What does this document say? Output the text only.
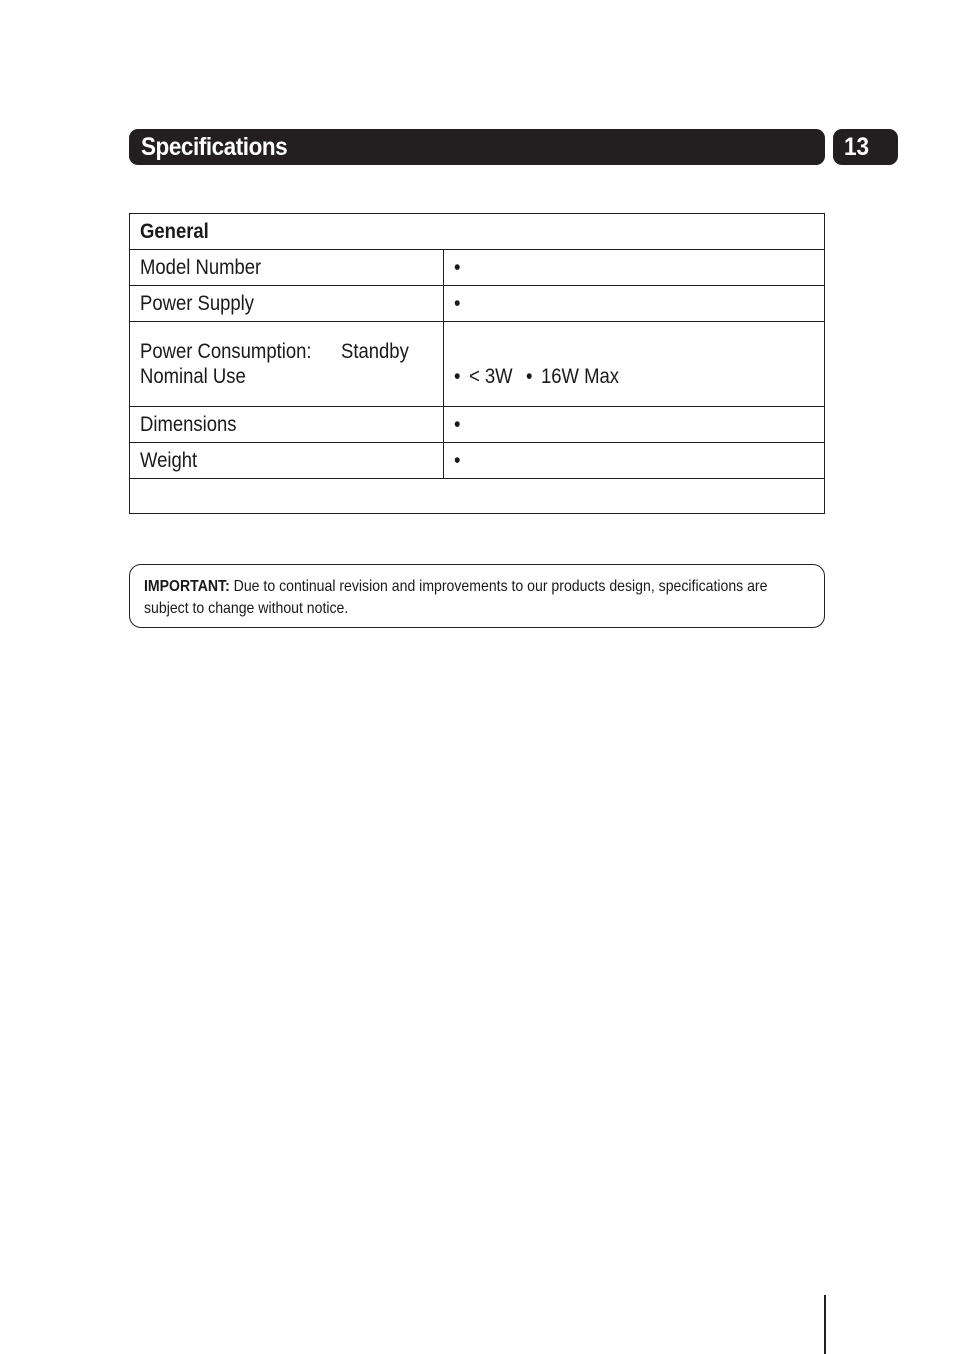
Specifications	13
General	
Model Number	•
Power Supply	•
Power Consumption: Standby Nominal Use	• < 3W • 16W Max
Dimensions	•
Weight	•

IMPORTANT: Due to continual revision and improvements to our products design, specifications are subject to change without notice.
